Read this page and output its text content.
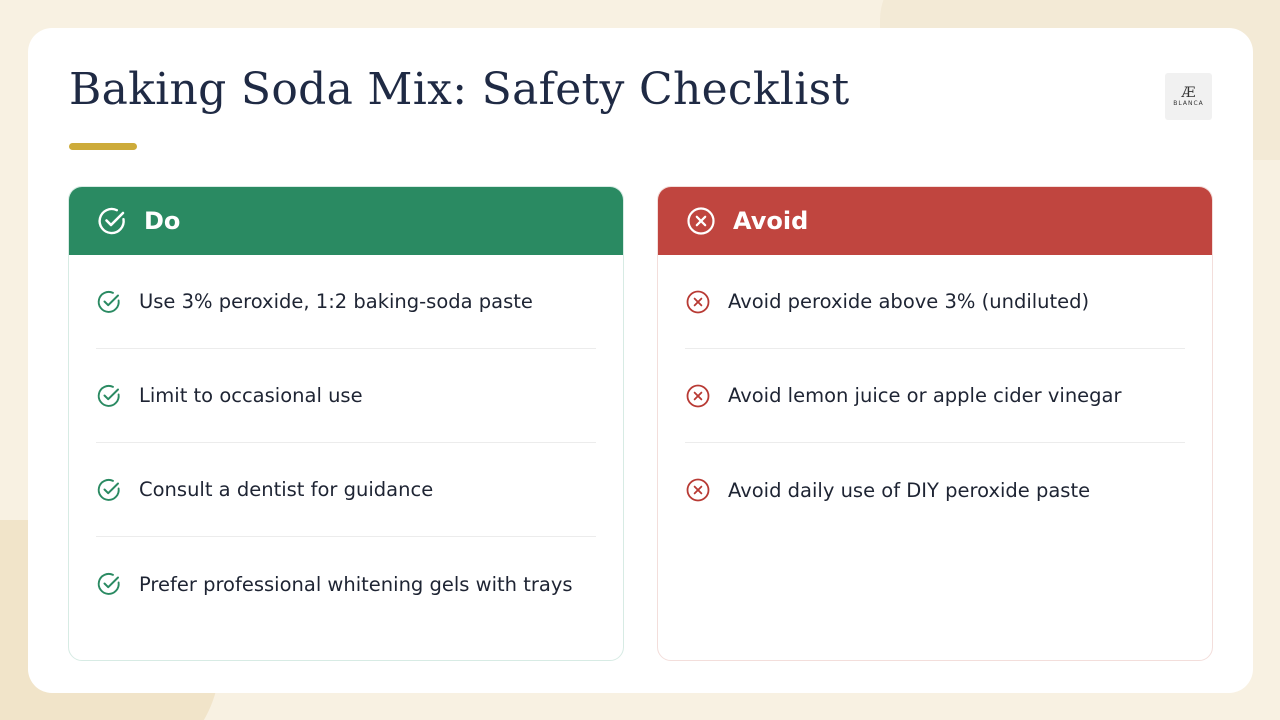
Baking Soda Mix: Safety Checklist	Æ
BLANCA
Do
Use 3% peroxide, 1:2 baking-soda paste
Limit to occasional use
Consult a dentist for guidance
Prefer professional whitening gels with trays
Avoid
Avoid peroxide above 3% (undiluted)
Avoid lemon juice or apple cider vinegar
Avoid daily use of DIY peroxide paste
